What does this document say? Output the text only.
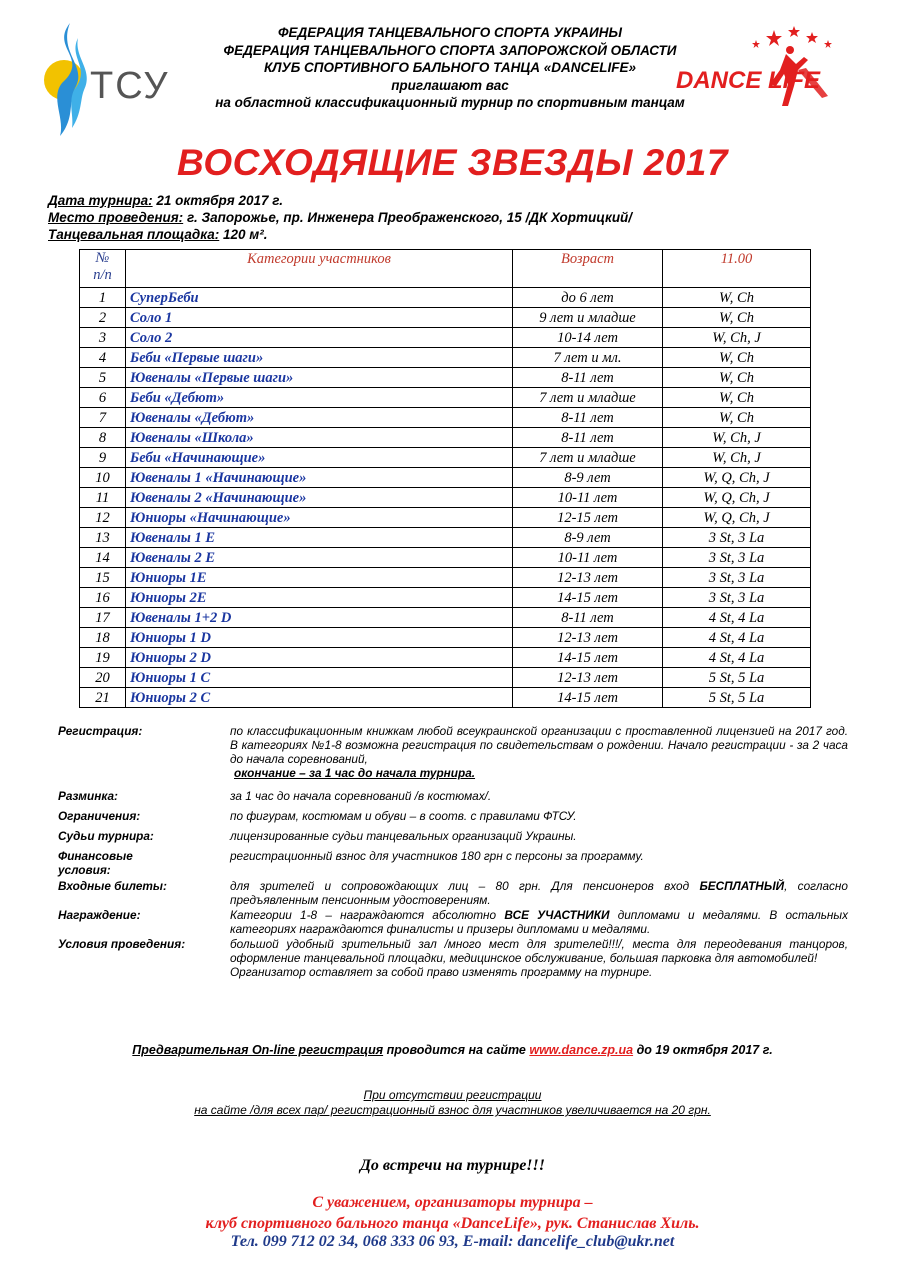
ТСУ	DANCE LIFE
ФЕДЕРАЦИЯ ТАНЦЕВАЛЬНОГО СПОРТА УКРАИНЫ
ФЕДЕРАЦИЯ ТАНЦЕВАЛЬНОГО СПОРТА ЗАПОРОЖСКОЙ ОБЛАСТИ
КЛУБ СПОРТИВНОГО БАЛЬНОГО ТАНЦА «DANCELIFE»
приглашают вас
на областной классификационный турнир по спортивным танцам
ВОСХОДЯЩИЕ ЗВЕЗДЫ 2017
Дата турнира: 21 октября 2017 г.
Место проведения: г. Запорожье, пр. Инженера Преображенского, 15 /ДК Хортицкий/
Танцевальная площадка: 120 м².
№
п/п	Категории участников	Возраст	11.00
1	СуперБеби	до 6 лет	W, Ch
2	Соло 1	9 лет и младше	W, Ch
3	Соло 2	10-14 лет	W, Ch, J
4	Беби «Первые шаги»	7 лет и мл.	W, Ch
5	Ювеналы «Первые шаги»	8-11 лет	W, Ch
6	Беби «Дебют»	7 лет и младше	W, Ch
7	Ювеналы «Дебют»	8-11 лет	W, Ch
8	Ювеналы «Школа»	8-11 лет	W, Ch, J
9	Беби «Начинающие»	7 лет и младше	W, Ch, J
10	Ювеналы 1 «Начинающие»	8-9 лет	W, Q, Ch, J
11	Ювеналы 2 «Начинающие»	10-11 лет	W, Q, Ch, J
12	Юниоры «Начинающие»	12-15 лет	W, Q, Ch, J
13	Ювеналы 1 Е	8-9 лет	3 St, 3 La
14	Ювеналы 2 Е	10-11 лет	3 St, 3 La
15	Юниоры 1Е	12-13 лет	3 St, 3 La
16	Юниоры 2Е	14-15 лет	3 St, 3 La
17	Ювеналы 1+2 D	8-11 лет	4 St, 4 La
18	Юниоры 1 D	12-13 лет	4 St, 4 La
19	Юниоры 2 D	14-15 лет	4 St, 4 La
20	Юниоры 1 С	12-13 лет	5 St, 5 La
21	Юниоры 2 С	14-15 лет	5 St, 5 La
Регистрация:	по классификационным книжкам любой всеукраинской организации с проставленной лицензией на 2017 год. В категориях №1-8 возможна регистрация по свидетельствам о рождении. Начало регистрации - за 2 часа до начала соревнований,
окончание – за 1 час до начала турнира.
Разминка:	за 1 час до начала соревнований /в костюмах/.
Ограничения:	по фигурам, костюмам и обуви – в соотв. с правилами ФТСУ.
Судьи турнира:	лицензированные судьи танцевальных организаций Украины.
Финансовые условия:
регистрационный взнос для участников 180 грн с персоны за программу.
Входные билеты:	для зрителей и сопровождающих лиц – 80 грн. Для пенсионеров вход БЕСПЛАТНЫЙ, согласно предъявленным пенсионным удостоверениям.
Награждение:	Категории 1-8 – награждаются абсолютно ВСЕ УЧАСТНИКИ дипломами и медалями. В остальных категориях награждаются финалисты и призеры дипломами и медалями.
Условия проведения:	большой удобный зрительный зал /много мест для зрителей!!!/, места для переодевания танцоров, оформление танцевальной площадки, медицинское обслуживание, большая парковка для автомобилей!
Организатор оставляет за собой право изменять программу на турнире.
Предварительная On-line регистрация проводится на сайте www.dance.zp.ua до 19 октября 2017 г.
При отсутствии регистрации
на сайте /для всех пар/ регистрационный взнос для участников увеличивается на 20 грн.
До встречи на турнире!!!
С уважением, организаторы турнира –
клуб спортивного бального танца «DanceLife», рук. Станислав Хиль.
Тел. 099 712 02 34, 068 333 06 93, E-mail: dancelife_club@ukr.net
